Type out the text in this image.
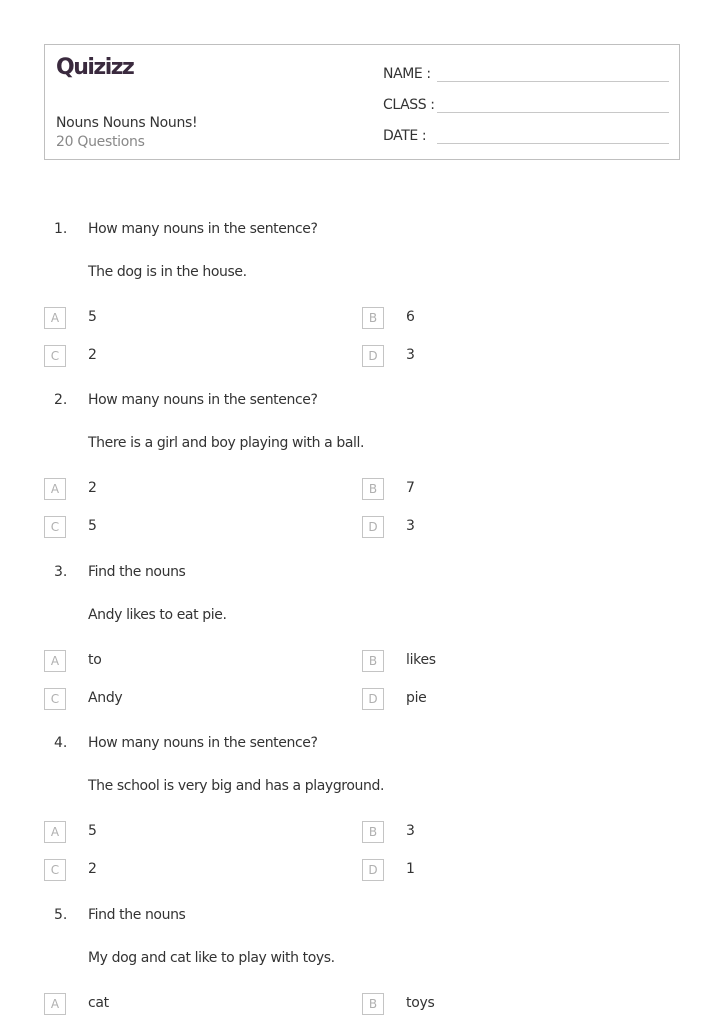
Quizizz
Nouns Nouns Nouns!
20 Questions
NAME :
CLASS :
DATE :
1. How many nouns in the sentence?
The dog is in the house.
A	5	B	6
C	2	D	3
2. How many nouns in the sentence?
There is a girl and boy playing with a ball.
A	2	B	7
C	5	D	3
3. Find the nouns
Andy likes to eat pie.
A	to	B	likes
C	Andy	D	pie
4. How many nouns in the sentence?
The school is very big and has a playground.
A	5	B	3
C	2	D	1
5. Find the nouns
My dog and cat like to play with toys.
A	cat	B	toys
